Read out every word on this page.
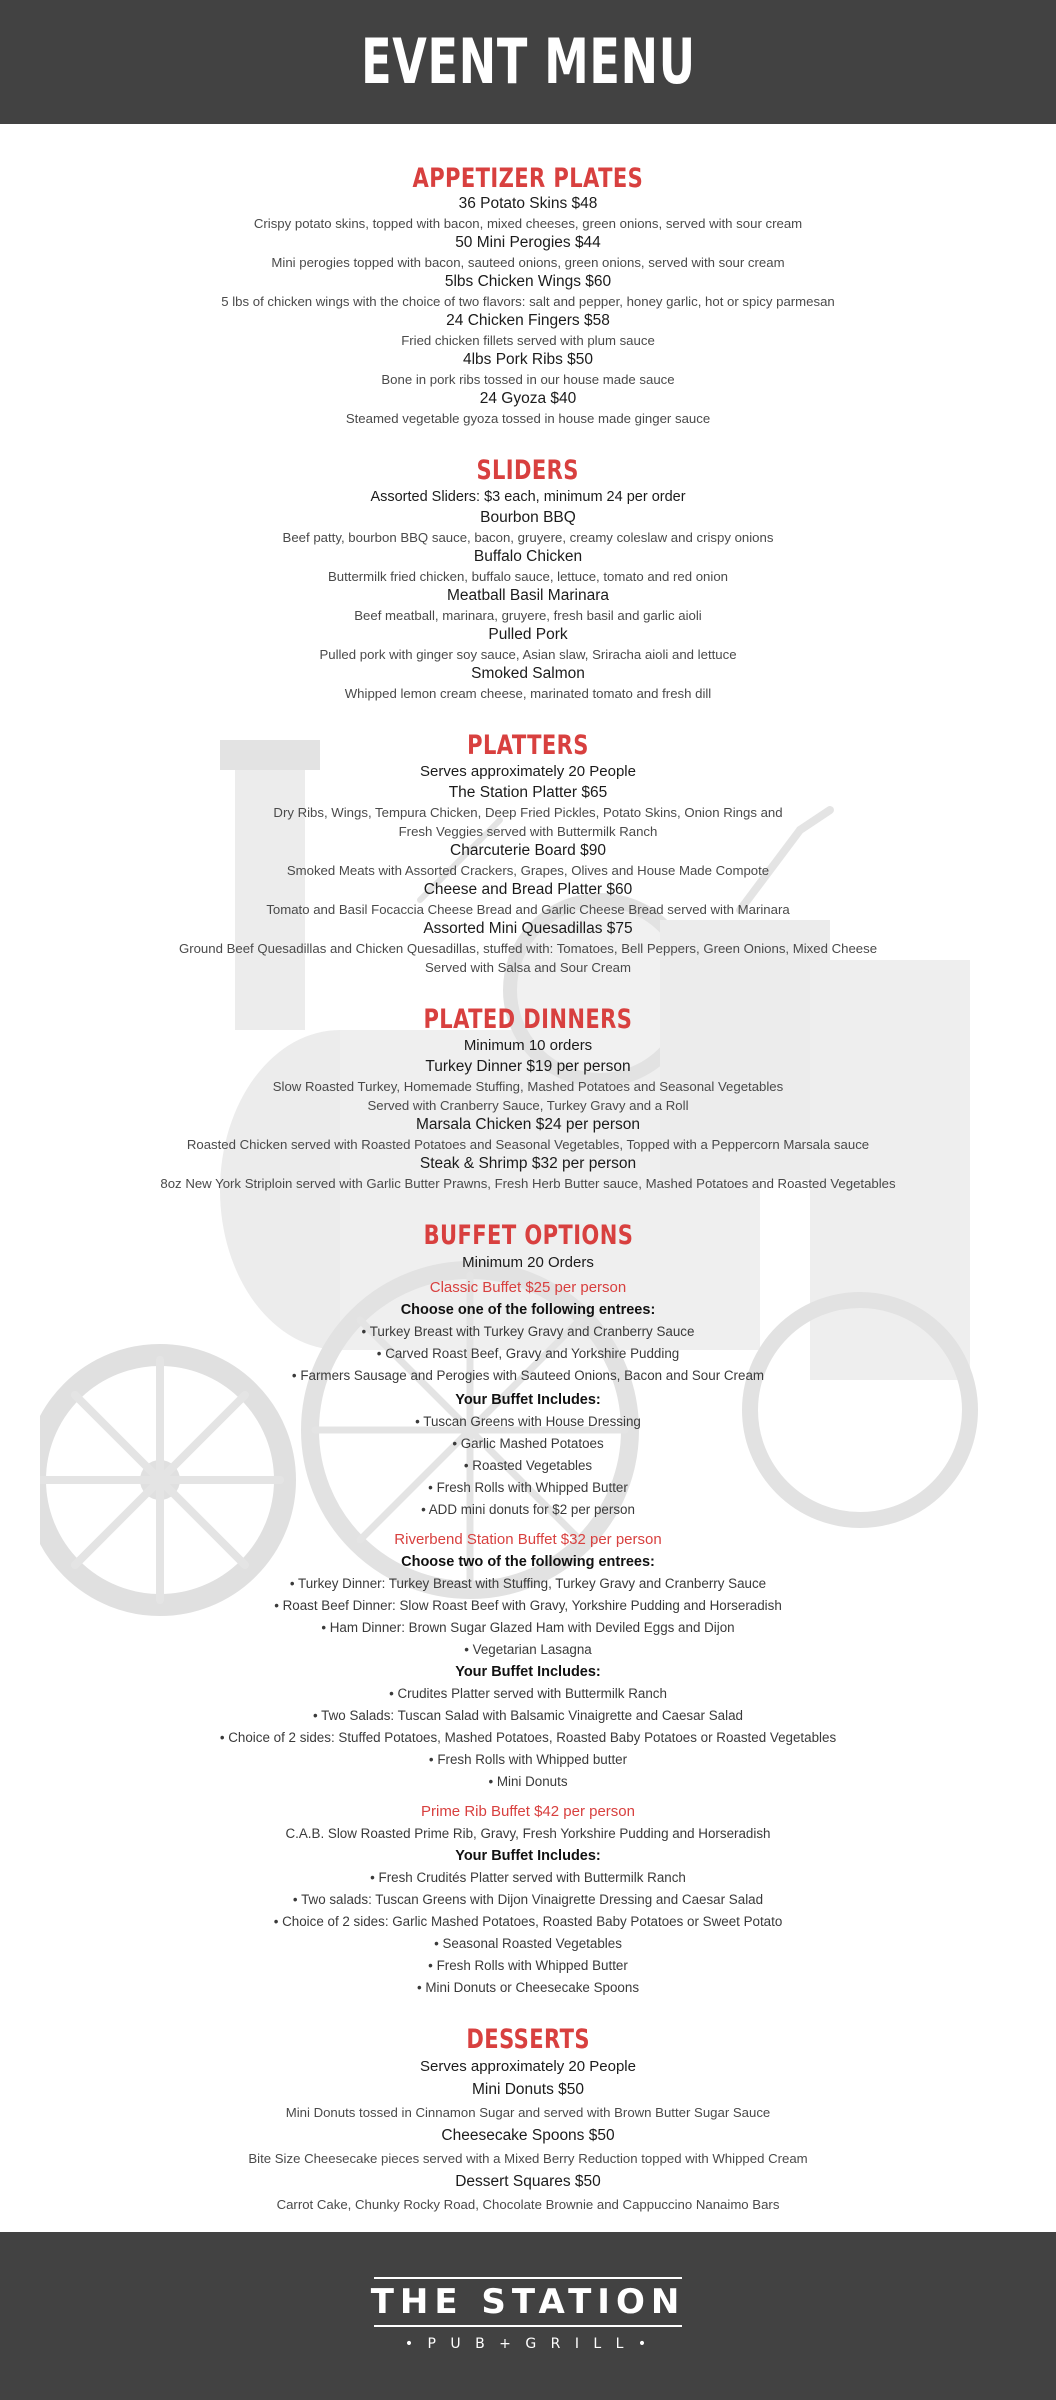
EVENT MENU
APPETIZER PLATES
36 Potato Skins $48
Crispy potato skins, topped with bacon, mixed cheeses, green onions, served with sour cream
50 Mini Perogies $44
Mini perogies topped with bacon, sauteed onions, green onions, served with sour cream
5lbs Chicken Wings $60
5 lbs of chicken wings with the choice of two flavors: salt and pepper, honey garlic, hot or spicy parmesan
24 Chicken Fingers $58
Fried chicken fillets served with plum sauce
4lbs Pork Ribs $50
Bone in pork ribs tossed in our house made sauce
24 Gyoza $40
Steamed vegetable gyoza tossed in house made ginger sauce
SLIDERS
Assorted Sliders: $3 each, minimum 24 per order
Bourbon BBQ
Beef patty, bourbon BBQ sauce, bacon, gruyere, creamy coleslaw and crispy onions
Buffalo Chicken
Buttermilk fried chicken, buffalo sauce, lettuce, tomato and red onion
Meatball Basil Marinara
Beef meatball, marinara, gruyere, fresh basil and garlic aioli
Pulled Pork
Pulled pork with ginger soy sauce, Asian slaw, Sriracha aioli and lettuce
Smoked Salmon
Whipped lemon cream cheese, marinated tomato and fresh dill
PLATTERS
Serves approximately 20 People
The Station Platter $65
Dry Ribs, Wings, Tempura Chicken, Deep Fried Pickles, Potato Skins, Onion Rings and
Fresh Veggies served with Buttermilk Ranch
Charcuterie Board $90
Smoked Meats with Assorted Crackers, Grapes, Olives and House Made Compote
Cheese and Bread Platter $60
Tomato and Basil Focaccia Cheese Bread and Garlic Cheese Bread served with Marinara
Assorted Mini Quesadillas $75
Ground Beef Quesadillas and Chicken Quesadillas, stuffed with: Tomatoes, Bell Peppers, Green Onions, Mixed Cheese
Served with Salsa and Sour Cream
PLATED DINNERS
Minimum 10 orders
Turkey Dinner $19 per person
Slow Roasted Turkey, Homemade Stuffing, Mashed Potatoes and Seasonal Vegetables
Served with Cranberry Sauce, Turkey Gravy and a Roll
Marsala Chicken $24 per person
Roasted Chicken served with Roasted Potatoes and Seasonal Vegetables, Topped with a Peppercorn Marsala sauce
Steak & Shrimp $32 per person
8oz New York Striploin served with Garlic Butter Prawns, Fresh Herb Butter sauce, Mashed Potatoes and Roasted Vegetables
BUFFET OPTIONS
Minimum 20 Orders
Classic Buffet $25 per person
Choose one of the following entrees:
• Turkey Breast with Turkey Gravy and Cranberry Sauce
• Carved Roast Beef, Gravy and Yorkshire Pudding
• Farmers Sausage and Perogies with Sauteed Onions, Bacon and Sour Cream
Your Buffet Includes:
• Tuscan Greens with House Dressing
• Garlic Mashed Potatoes
• Roasted Vegetables
• Fresh Rolls with Whipped Butter
• ADD mini donuts for $2 per person
Riverbend Station Buffet $32 per person
Choose two of the following entrees:
• Turkey Dinner: Turkey Breast with Stuffing, Turkey Gravy and Cranberry Sauce
• Roast Beef Dinner: Slow Roast Beef with Gravy, Yorkshire Pudding and Horseradish
• Ham Dinner: Brown Sugar Glazed Ham with Deviled Eggs and Dijon
• Vegetarian Lasagna
Your Buffet Includes:
• Crudites Platter served with Buttermilk Ranch
• Two Salads: Tuscan Salad with Balsamic Vinaigrette and Caesar Salad
• Choice of 2 sides: Stuffed Potatoes, Mashed Potatoes, Roasted Baby Potatoes or Roasted Vegetables
• Fresh Rolls with Whipped butter
• Mini Donuts
Prime Rib Buffet $42 per person
C.A.B. Slow Roasted Prime Rib, Gravy, Fresh Yorkshire Pudding and Horseradish
Your Buffet Includes:
• Fresh Crudités Platter served with Buttermilk Ranch
• Two salads: Tuscan Greens with Dijon Vinaigrette Dressing and Caesar Salad
• Choice of 2 sides: Garlic Mashed Potatoes, Roasted Baby Potatoes or Sweet Potato
• Seasonal Roasted Vegetables
• Fresh Rolls with Whipped Butter
• Mini Donuts or Cheesecake Spoons
DESSERTS
Serves approximately 20 People
Mini Donuts $50
Mini Donuts tossed in Cinnamon Sugar and served with Brown Butter Sugar Sauce
Cheesecake Spoons $50
Bite Size Cheesecake pieces served with a Mixed Berry Reduction topped with Whipped Cream
Dessert Squares $50
Carrot Cake, Chunky Rocky Road, Chocolate Brownie and Cappuccino Nanaimo Bars
THE STATION
• P U B + G R I L L •
